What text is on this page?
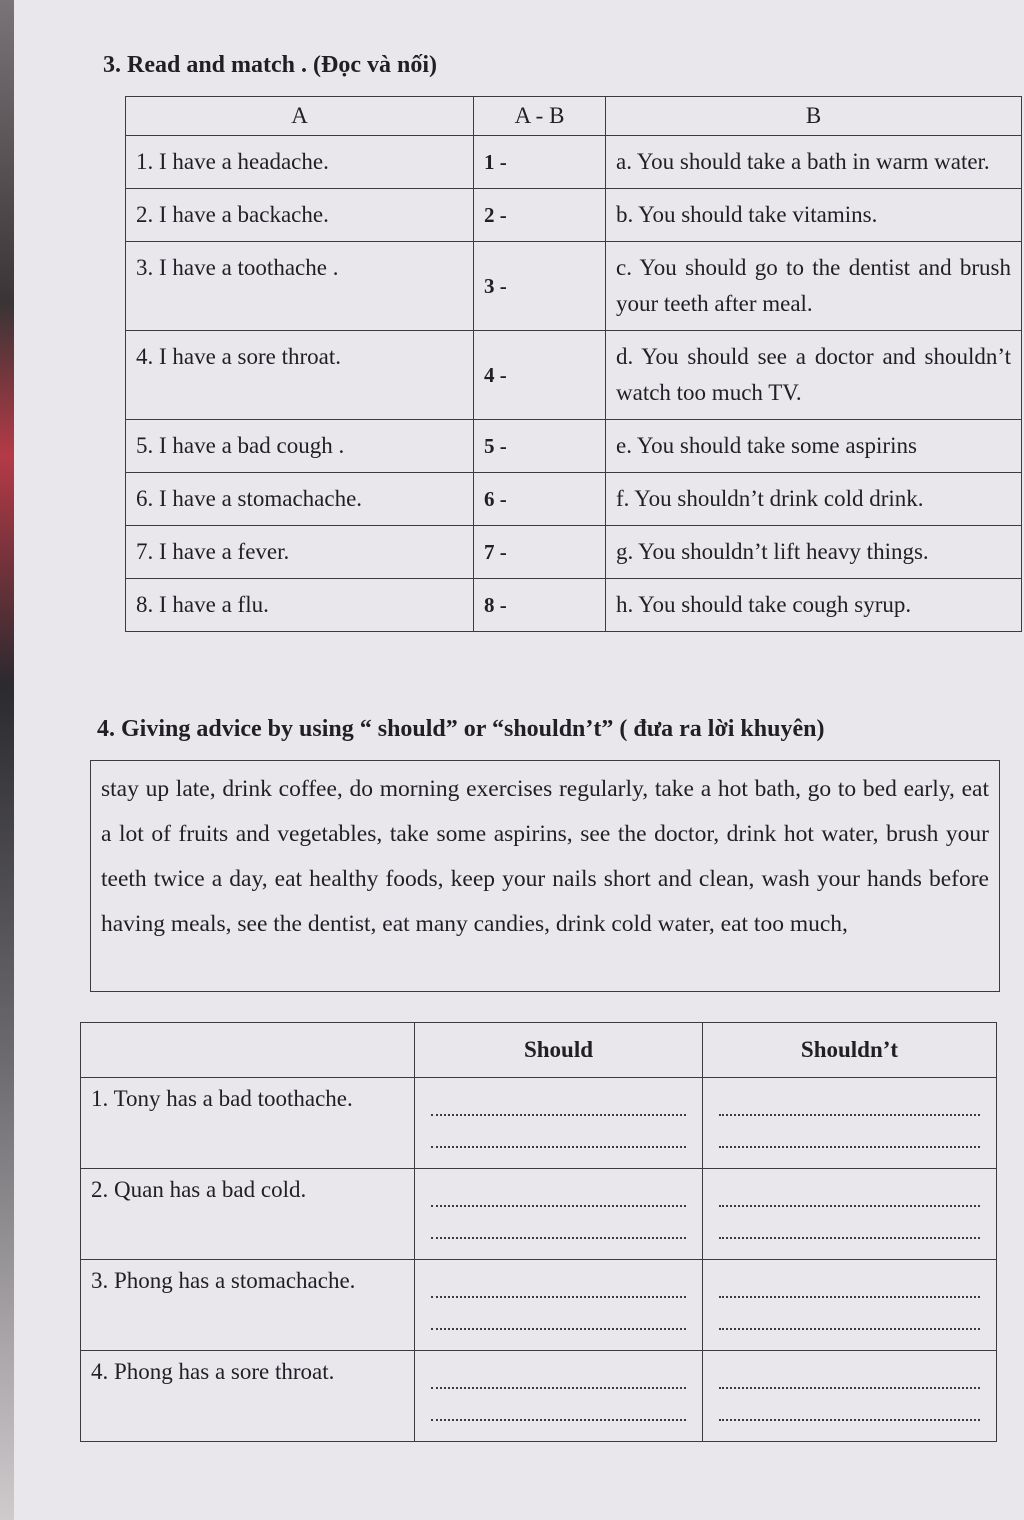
3. Read and match . (Đọc và nối)
A	A - B	B
1. I have a headache.	1 -	a. You should take a bath in warm water.
2. I have a backache.	2 -	b. You should take vitamins.
3. I have a toothache .	3 -	c. You should go to the dentist and brush your teeth after meal.
4. I have a sore throat.	4 -	d. You should see a doctor and shouldn’t watch too much TV.
5. I have a bad cough .	5 -	e. You should take some aspirins
6. I have a stomachache.	6 -	f. You shouldn’t drink cold drink.
7. I have a fever.	7 -	g. You shouldn’t lift heavy things.
8. I have a flu.	8 -	h. You should take cough syrup.
4. Giving advice by using “ should” or “shouldn’t” ( đưa ra lời khuyên)
stay up late, drink coffee, do morning exercises regularly, take a hot bath, go to bed early, eat a lot of fruits and vegetables, take some aspirins, see the doctor, drink hot water, brush your teeth twice a day, eat healthy foods, keep your nails short and clean, wash your hands before having meals, see the dentist, eat many candies, drink cold water, eat too much,
	Should	Shouldn’t
1. Tony has a bad toothache.	

2. Quan has a bad cold.	

3. Phong has a stomachache.	

4. Phong has a sore throat.	
